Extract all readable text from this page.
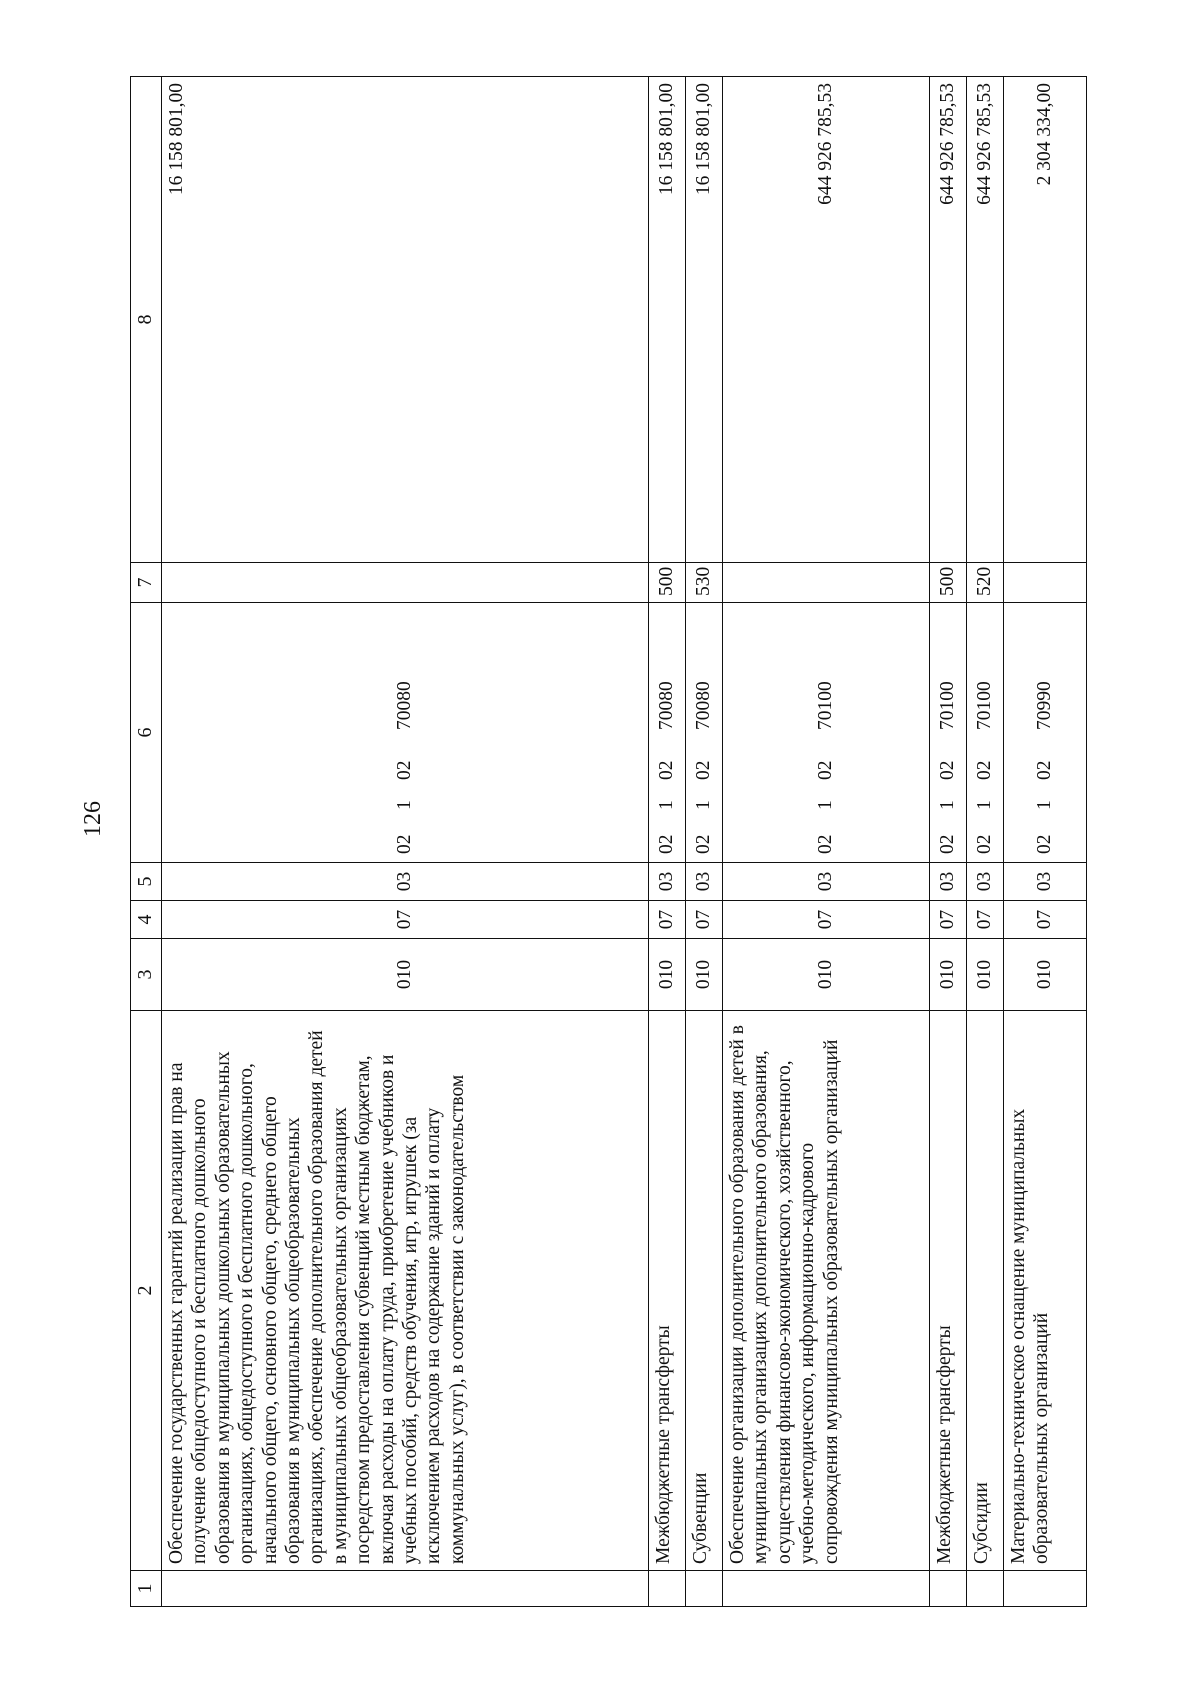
126
1	2	3	4	5	6	7	8
	Обеспечение государственных гарантий реализации прав на получение общедоступного и бесплатного дошкольного образования в муниципальных дошкольных образовательных организациях, общедоступного и бесплатного дошкольного, начального общего, основного общего, среднего общего образования в муниципальных общеобразовательных организациях, обеспечение дополнительного образования детей в муниципальных общеобразовательных организациях посредством предоставления субвенций местным бюджетам, включая расходы на оплату труда, приобретение учебников и учебных пособий, средств обучения, игр, игрушек (за исключением расходов на содержание зданий и оплату коммунальных услуг), в соответствии с законодательством	010	07	03	0210270080		16 158 801,00
	Межбюджетные трансферты	010	07	03	0210270080	500	16 158 801,00
	Субвенции	010	07	03	0210270080	530	16 158 801,00
	Обеспечение организации дополнительного образования детей в муниципальных организациях дополнительного образования, осуществления финансово-экономического, хозяйственного, учебно-методического, информационно-кадрового сопровождения муниципальных образовательных организаций	010	07	03	0210270100		644 926 785,53
	Межбюджетные трансферты	010	07	03	0210270100	500	644 926 785,53
	Субсидии	010	07	03	0210270100	520	644 926 785,53
	Материально-техническое оснащение муниципальных образовательных организаций	010	07	03	0210270990		2 304 334,00
